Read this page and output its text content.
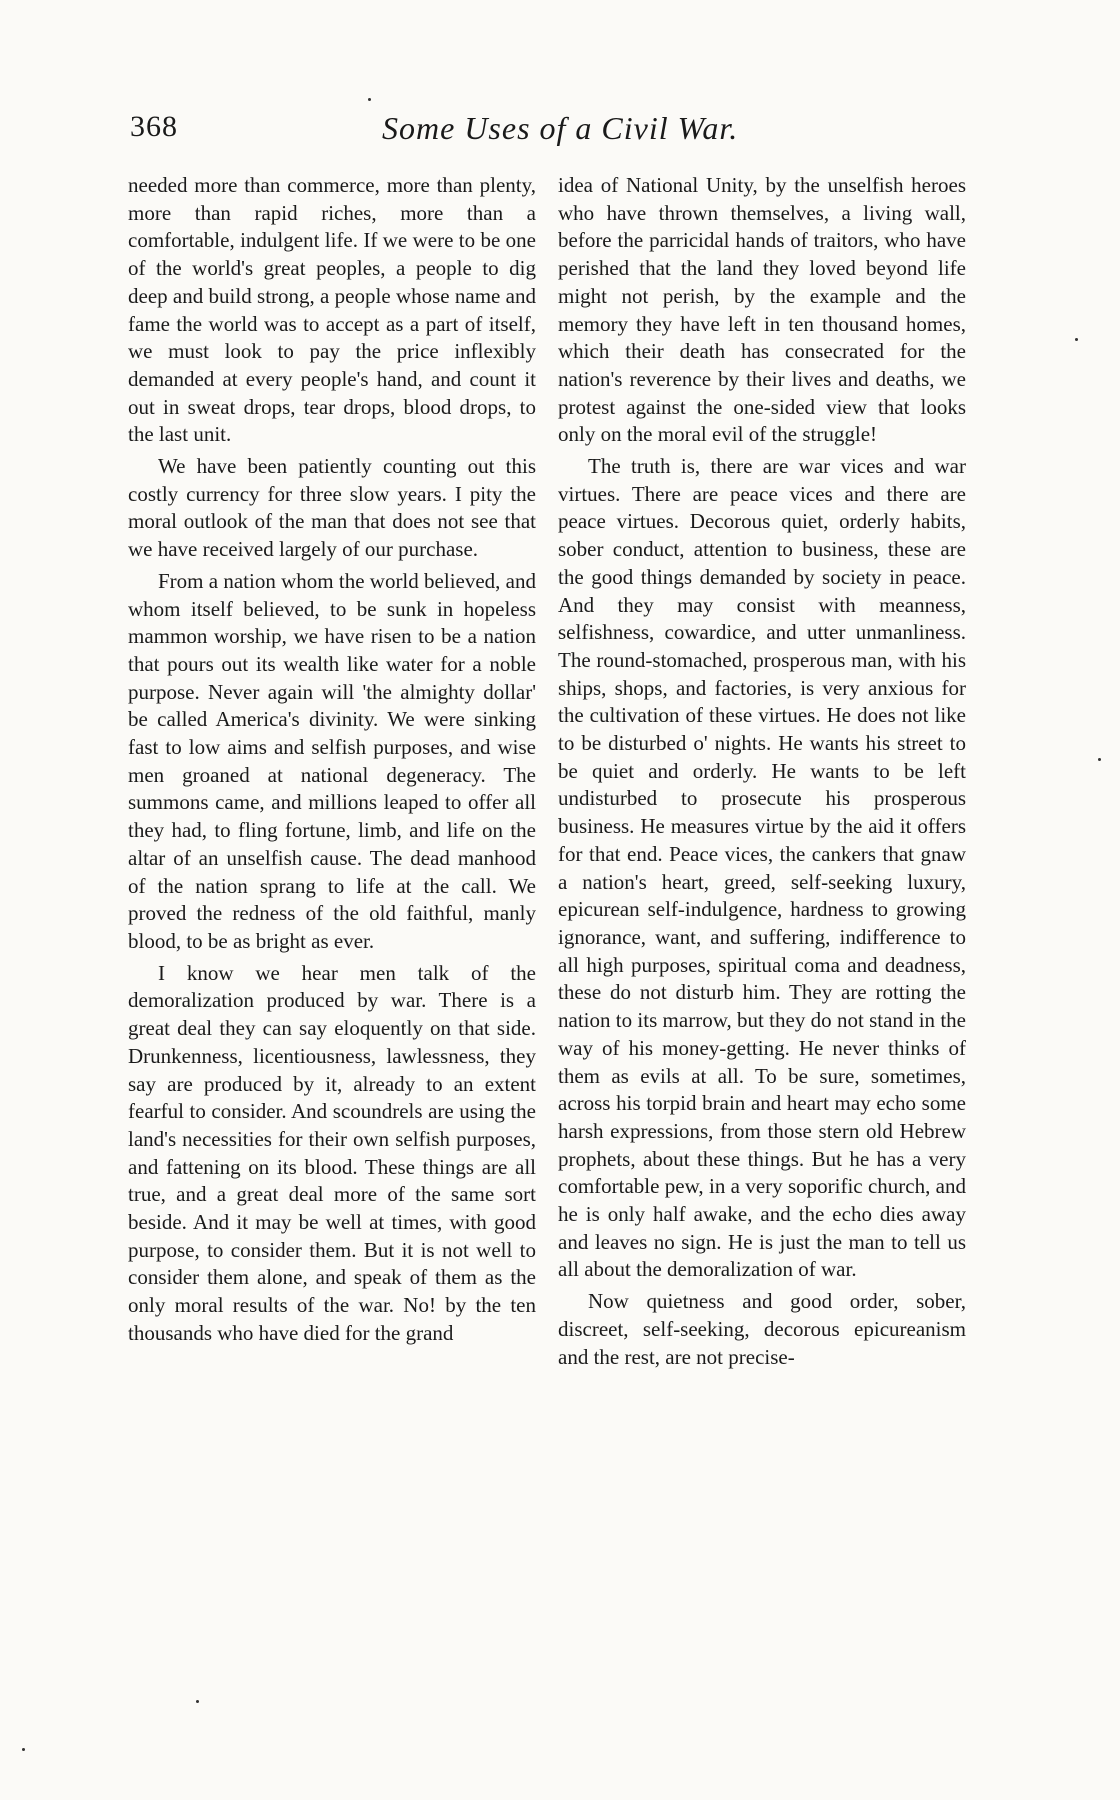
368	Some Uses of a Civil War.

needed more than commerce, more than plenty, more than rapid riches, more than a comfortable, indulgent life. If we were to be one of the world's great peoples, a people to dig deep and build strong, a people whose name and fame the world was to accept as a part of itself, we must look to pay the price inflexibly demanded at every people's hand, and count it out in sweat drops, tear drops, blood drops, to the last unit.

We have been patiently counting out this costly currency for three slow years. I pity the moral outlook of the man that does not see that we have received largely of our purchase.

From a nation whom the world believed, and whom itself believed, to be sunk in hopeless mammon worship, we have risen to be a nation that pours out its wealth like water for a noble purpose. Never again will 'the almighty dollar' be called America's divinity. We were sinking fast to low aims and selfish purposes, and wise men groaned at national degeneracy. The summons came, and millions leaped to offer all they had, to fling fortune, limb, and life on the altar of an unselfish cause. The dead manhood of the nation sprang to life at the call. We proved the redness of the old faithful, manly blood, to be as bright as ever.

I know we hear men talk of the demoralization produced by war. There is a great deal they can say eloquently on that side. Drunkenness, licentiousness, lawlessness, they say are produced by it, already to an extent fearful to consider. And scoundrels are using the land's necessities for their own selfish purposes, and fattening on its blood. These things are all true, and a great deal more of the same sort beside. And it may be well at times, with good purpose, to consider them. But it is not well to consider them alone, and speak of them as the only moral results of the war. No! by the ten thousands who have died for the grand

idea of National Unity, by the unselfish heroes who have thrown themselves, a living wall, before the parricidal hands of traitors, who have perished that the land they loved beyond life might not perish, by the example and the memory they have left in ten thousand homes, which their death has consecrated for the nation's reverence by their lives and deaths, we protest against the one-sided view that looks only on the moral evil of the struggle!

The truth is, there are war vices and war virtues. There are peace vices and there are peace virtues. Decorous quiet, orderly habits, sober conduct, attention to business, these are the good things demanded by society in peace. And they may consist with meanness, selfishness, cowardice, and utter unmanliness. The round-stomached, prosperous man, with his ships, shops, and factories, is very anxious for the cultivation of these virtues. He does not like to be disturbed o' nights. He wants his street to be quiet and orderly. He wants to be left undisturbed to prosecute his prosperous business. He measures virtue by the aid it offers for that end. Peace vices, the cankers that gnaw a nation's heart, greed, self-seeking luxury, epicurean self-indulgence, hardness to growing ignorance, want, and suffering, indifference to all high purposes, spiritual coma and deadness, these do not disturb him. They are rotting the nation to its marrow, but they do not stand in the way of his money-getting. He never thinks of them as evils at all. To be sure, sometimes, across his torpid brain and heart may echo some harsh expressions, from those stern old Hebrew prophets, about these things. But he has a very comfortable pew, in a very soporific church, and he is only half awake, and the echo dies away and leaves no sign. He is just the man to tell us all about the demoralization of war.

Now quietness and good order, sober, discreet, self-seeking, decorous epicureanism and the rest, are not precise-
